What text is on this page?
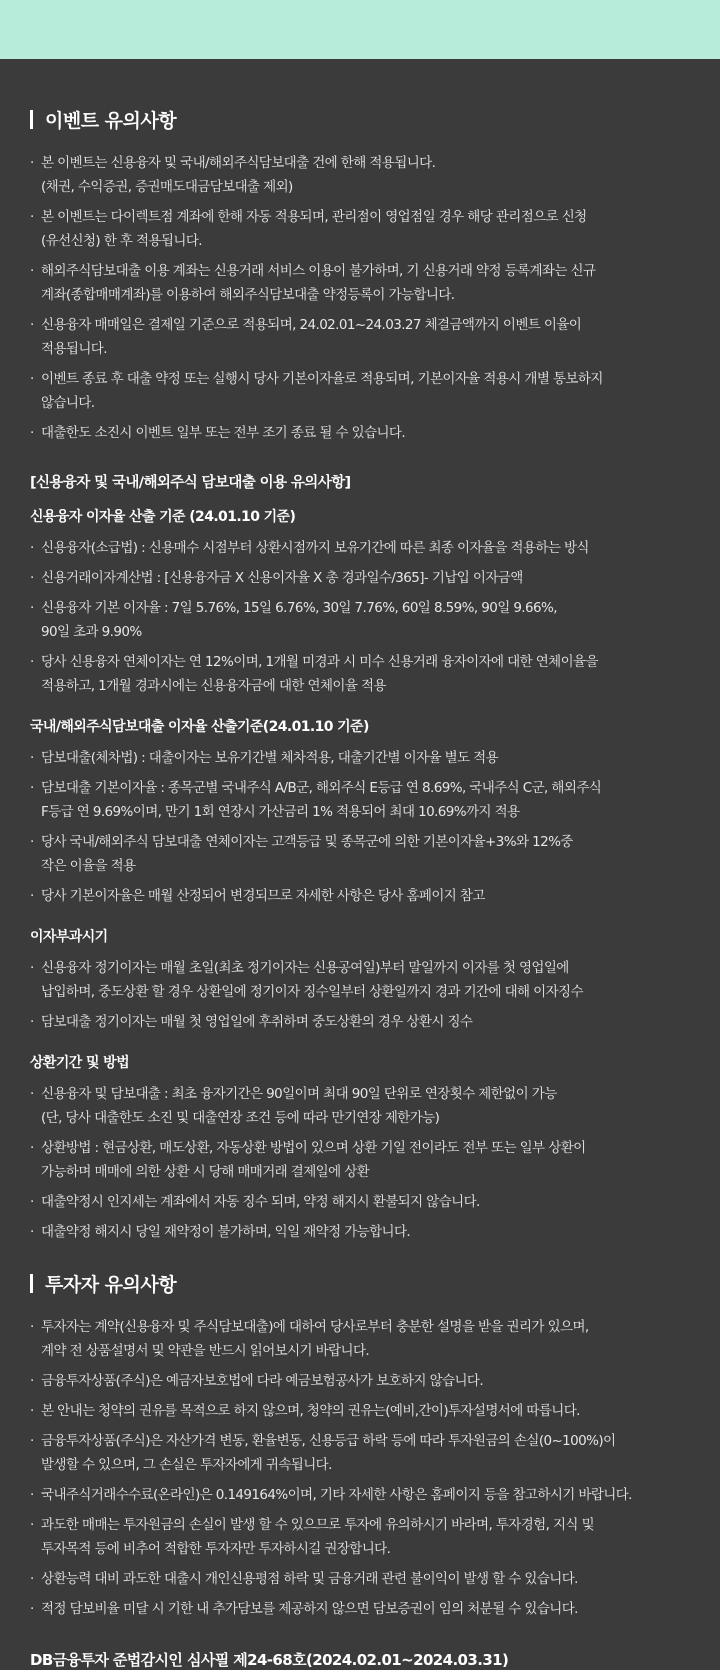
이벤트 유의사항
· 본 이벤트는 신용융자 및 국내/해외주식담보대출 건에 한해 적용됩니다.
(채권, 수익증권, 증권매도대금담보대출 제외)
· 본 이벤트는 다이렉트점 계좌에 한해 자동 적용되며, 관리점이 영업점일 경우 해당 관리점으로 신청
(유선신청) 한 후 적용됩니다.
· 해외주식담보대출 이용 계좌는 신용거래 서비스 이용이 불가하며, 기 신용거래 약정 등록계좌는 신규
계좌(종합매매계좌)를 이용하여 해외주식담보대출 약정등록이 가능합니다.
· 신용융자 매매일은 결제일 기준으로 적용되며, 24.02.01~24.03.27 체결금액까지 이벤트 이율이
적용됩니다.
· 이벤트 종료 후 대출 약정 또는 실행시 당사 기본이자율로 적용되며, 기본이자율 적용시 개별 통보하지
않습니다.
· 대출한도 소진시 이벤트 일부 또는 전부 조기 종료 될 수 있습니다.
[신용융자 및 국내/해외주식 담보대출 이용 유의사항]
신용융자 이자율 산출 기준 (24.01.10 기준)
· 신용융자(소급법) : 신용매수 시점부터 상환시점까지 보유기간에 따른 최종 이자율을 적용하는 방식
· 신용거래이자계산법 : [신용융자금 X 신용이자율 X 총 경과일수/365]- 기납입 이자금액
· 신용융자 기본 이자율 : 7일 5.76%, 15일 6.76%, 30일 7.76%, 60일 8.59%, 90일 9.66%,
90일 초과 9.90%
· 당사 신용융자 연체이자는 연 12%이며, 1개월 미경과 시 미수 신용거래 융자이자에 대한 연체이율을
적용하고, 1개월 경과시에는 신용융자금에 대한 연체이율 적용
국내/해외주식담보대출 이자율 산출기준(24.01.10 기준)
· 담보대출(체차법) : 대출이자는 보유기간별 체차적용, 대출기간별 이자율 별도 적용
· 담보대출 기본이자율 : 종목군별 국내주식 A/B군, 해외주식 E등급 연 8.69%, 국내주식 C군, 해외주식
F등급 연 9.69%이며, 만기 1회 연장시 가산금리 1% 적용되어 최대 10.69%까지 적용
· 당사 국내/해외주식 담보대출 연체이자는 고객등급 및 종목군에 의한 기본이자율+3%와 12%중
작은 이율을 적용
· 당사 기본이자율은 매월 산정되어 변경되므로 자세한 사항은 당사 홈페이지 참고
이자부과시기
· 신용융자 정기이자는 매월 초일(최초 정기이자는 신용공여일)부터 말일까지 이자를 첫 영업일에
납입하며, 중도상환 할 경우 상환일에 정기이자 징수일부터 상환일까지 경과 기간에 대해 이자징수
· 담보대출 정기이자는 매월 첫 영업일에 후취하며 중도상환의 경우 상환시 징수
상환기간 및 방법
· 신용융자 및 담보대출 : 최초 융자기간은 90일이며 최대 90일 단위로 연장횟수 제한없이 가능
(단, 당사 대출한도 소진 및 대출연장 조건 등에 따라 만기연장 제한가능)
· 상환방법 : 현금상환, 매도상환, 자동상환 방법이 있으며 상환 기일 전이라도 전부 또는 일부 상환이
가능하며 매매에 의한 상환 시 당해 매매거래 결제일에 상환
· 대출약정시 인지세는 계좌에서 자동 징수 되며, 약정 해지시 환불되지 않습니다.
· 대출약정 해지시 당일 재약정이 불가하며, 익일 재약정 가능합니다.
투자자 유의사항
· 투자자는 계약(신용융자 및 주식담보대출)에 대하여 당사로부터 충분한 설명을 받을 권리가 있으며,
계약 전 상품설명서 및 약관을 반드시 읽어보시기 바랍니다.
· 금융투자상품(주식)은 예금자보호법에 다라 예금보험공사가 보호하지 않습니다.
· 본 안내는 청약의 권유를 목적으로 하지 않으며, 청약의 권유는(예비,간이)투자설명서에 따릅니다.
· 금융투자상품(주식)은 자산가격 변동, 환율변동, 신용등급 하락 등에 따라 투자원금의 손실(0~100%)이
발생할 수 있으며, 그 손실은 투자자에게 귀속됩니다.
· 국내주식거래수수료(온라인)은 0.149164%이며, 기타 자세한 사항은 홈페이지 등을 참고하시기 바랍니다.
· 과도한 매매는 투자원금의 손실이 발생 할 수 있으므로 투자에 유의하시기 바라며, 투자경험, 지식 및
투자목적 등에 비추어 적합한 투자자만 투자하시길 권장합니다.
· 상환능력 대비 과도한 대출시 개인신용평점 하락 및 금융거래 관련 불이익이 발생 할 수 있습니다.
· 적정 담보비율 미달 시 기한 내 추가담보를 제공하지 않으면 담보증권이 임의 처분될 수 있습니다.
DB금융투자 준법감시인 심사필 제24-68호(2024.02.01~2024.03.31)
